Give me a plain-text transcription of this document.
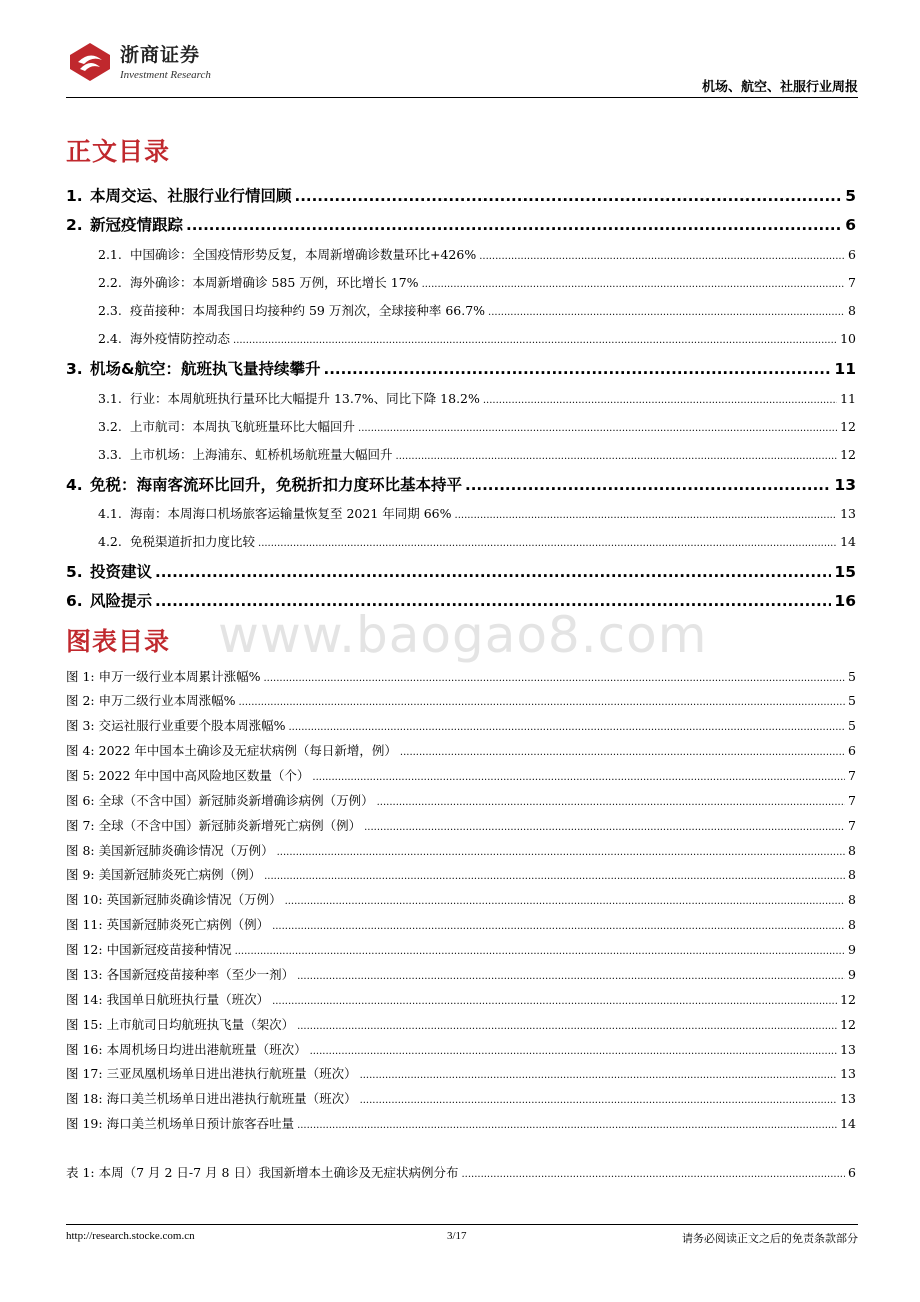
浙商证券
Investment Research
机场、航空、社服行业周报
正文目录
1. 本周交运、社服行业行情回顾 .....	5
2. 新冠疫情跟踪 .....	6
2.1. 中国确诊：全国疫情形势反复，本周新增确诊数量环比+426% .....	6
2.2. 海外确诊：本周新增确诊 585 万例，环比增长 17% .....	7
2.3. 疫苗接种：本周我国日均接种约 59 万剂次，全球接种率 66.7% .....	8
2.4. 海外疫情防控动态 .....	10
3. 机场&航空：航班执飞量持续攀升 .....	11
3.1. 行业：本周航班执行量环比大幅提升 13.7%、同比下降 18.2% .....	11
3.2. 上市航司：本周执飞航班量环比大幅回升 .....	12
3.3. 上市机场：上海浦东、虹桥机场航班量大幅回升 .....	12
4. 免税：海南客流环比回升，免税折扣力度环比基本持平 .....	13
4.1. 海南：本周海口机场旅客运输量恢复至 2021 年同期 66% .....	13
4.2. 免税渠道折扣力度比较 .....	14
5. 投资建议 .....	15
6. 风险提示 .....	16
www.baogao8.com
图表目录
图 1: 申万一级行业本周累计涨幅% .....	5
图 2: 申万二级行业本周涨幅% .....	5
图 3: 交运社服行业重要个股本周涨幅% .....	5
图 4: 2022 年中国本土确诊及无症状病例（每日新增，例） .....	6
图 5: 2022 年中国中高风险地区数量（个） .....	7
图 6: 全球（不含中国）新冠肺炎新增确诊病例（万例） .....	7
图 7: 全球（不含中国）新冠肺炎新增死亡病例（例） .....	7
图 8: 美国新冠肺炎确诊情况（万例） .....	8
图 9: 美国新冠肺炎死亡病例（例） .....	8
图 10: 英国新冠肺炎确诊情况（万例） .....	8
图 11: 英国新冠肺炎死亡病例（例） .....	8
图 12: 中国新冠疫苗接种情况 .....	9
图 13: 各国新冠疫苗接种率（至少一剂） .....	9
图 14: 我国单日航班执行量（班次） .....	12
图 15: 上市航司日均航班执飞量（架次） .....	12
图 16: 本周机场日均进出港航班量（班次） .....	13
图 17: 三亚凤凰机场单日进出港执行航班量（班次） .....	13
图 18: 海口美兰机场单日进出港执行航班量（班次） .....	13
图 19: 海口美兰机场单日预计旅客吞吐量 .....	14
表 1: 本周（7 月 2 日-7 月 8 日）我国新增本土确诊及无症状病例分布 .....	6
http://research.stocke.com.cn	3/17	请务必阅读正文之后的免责条款部分
